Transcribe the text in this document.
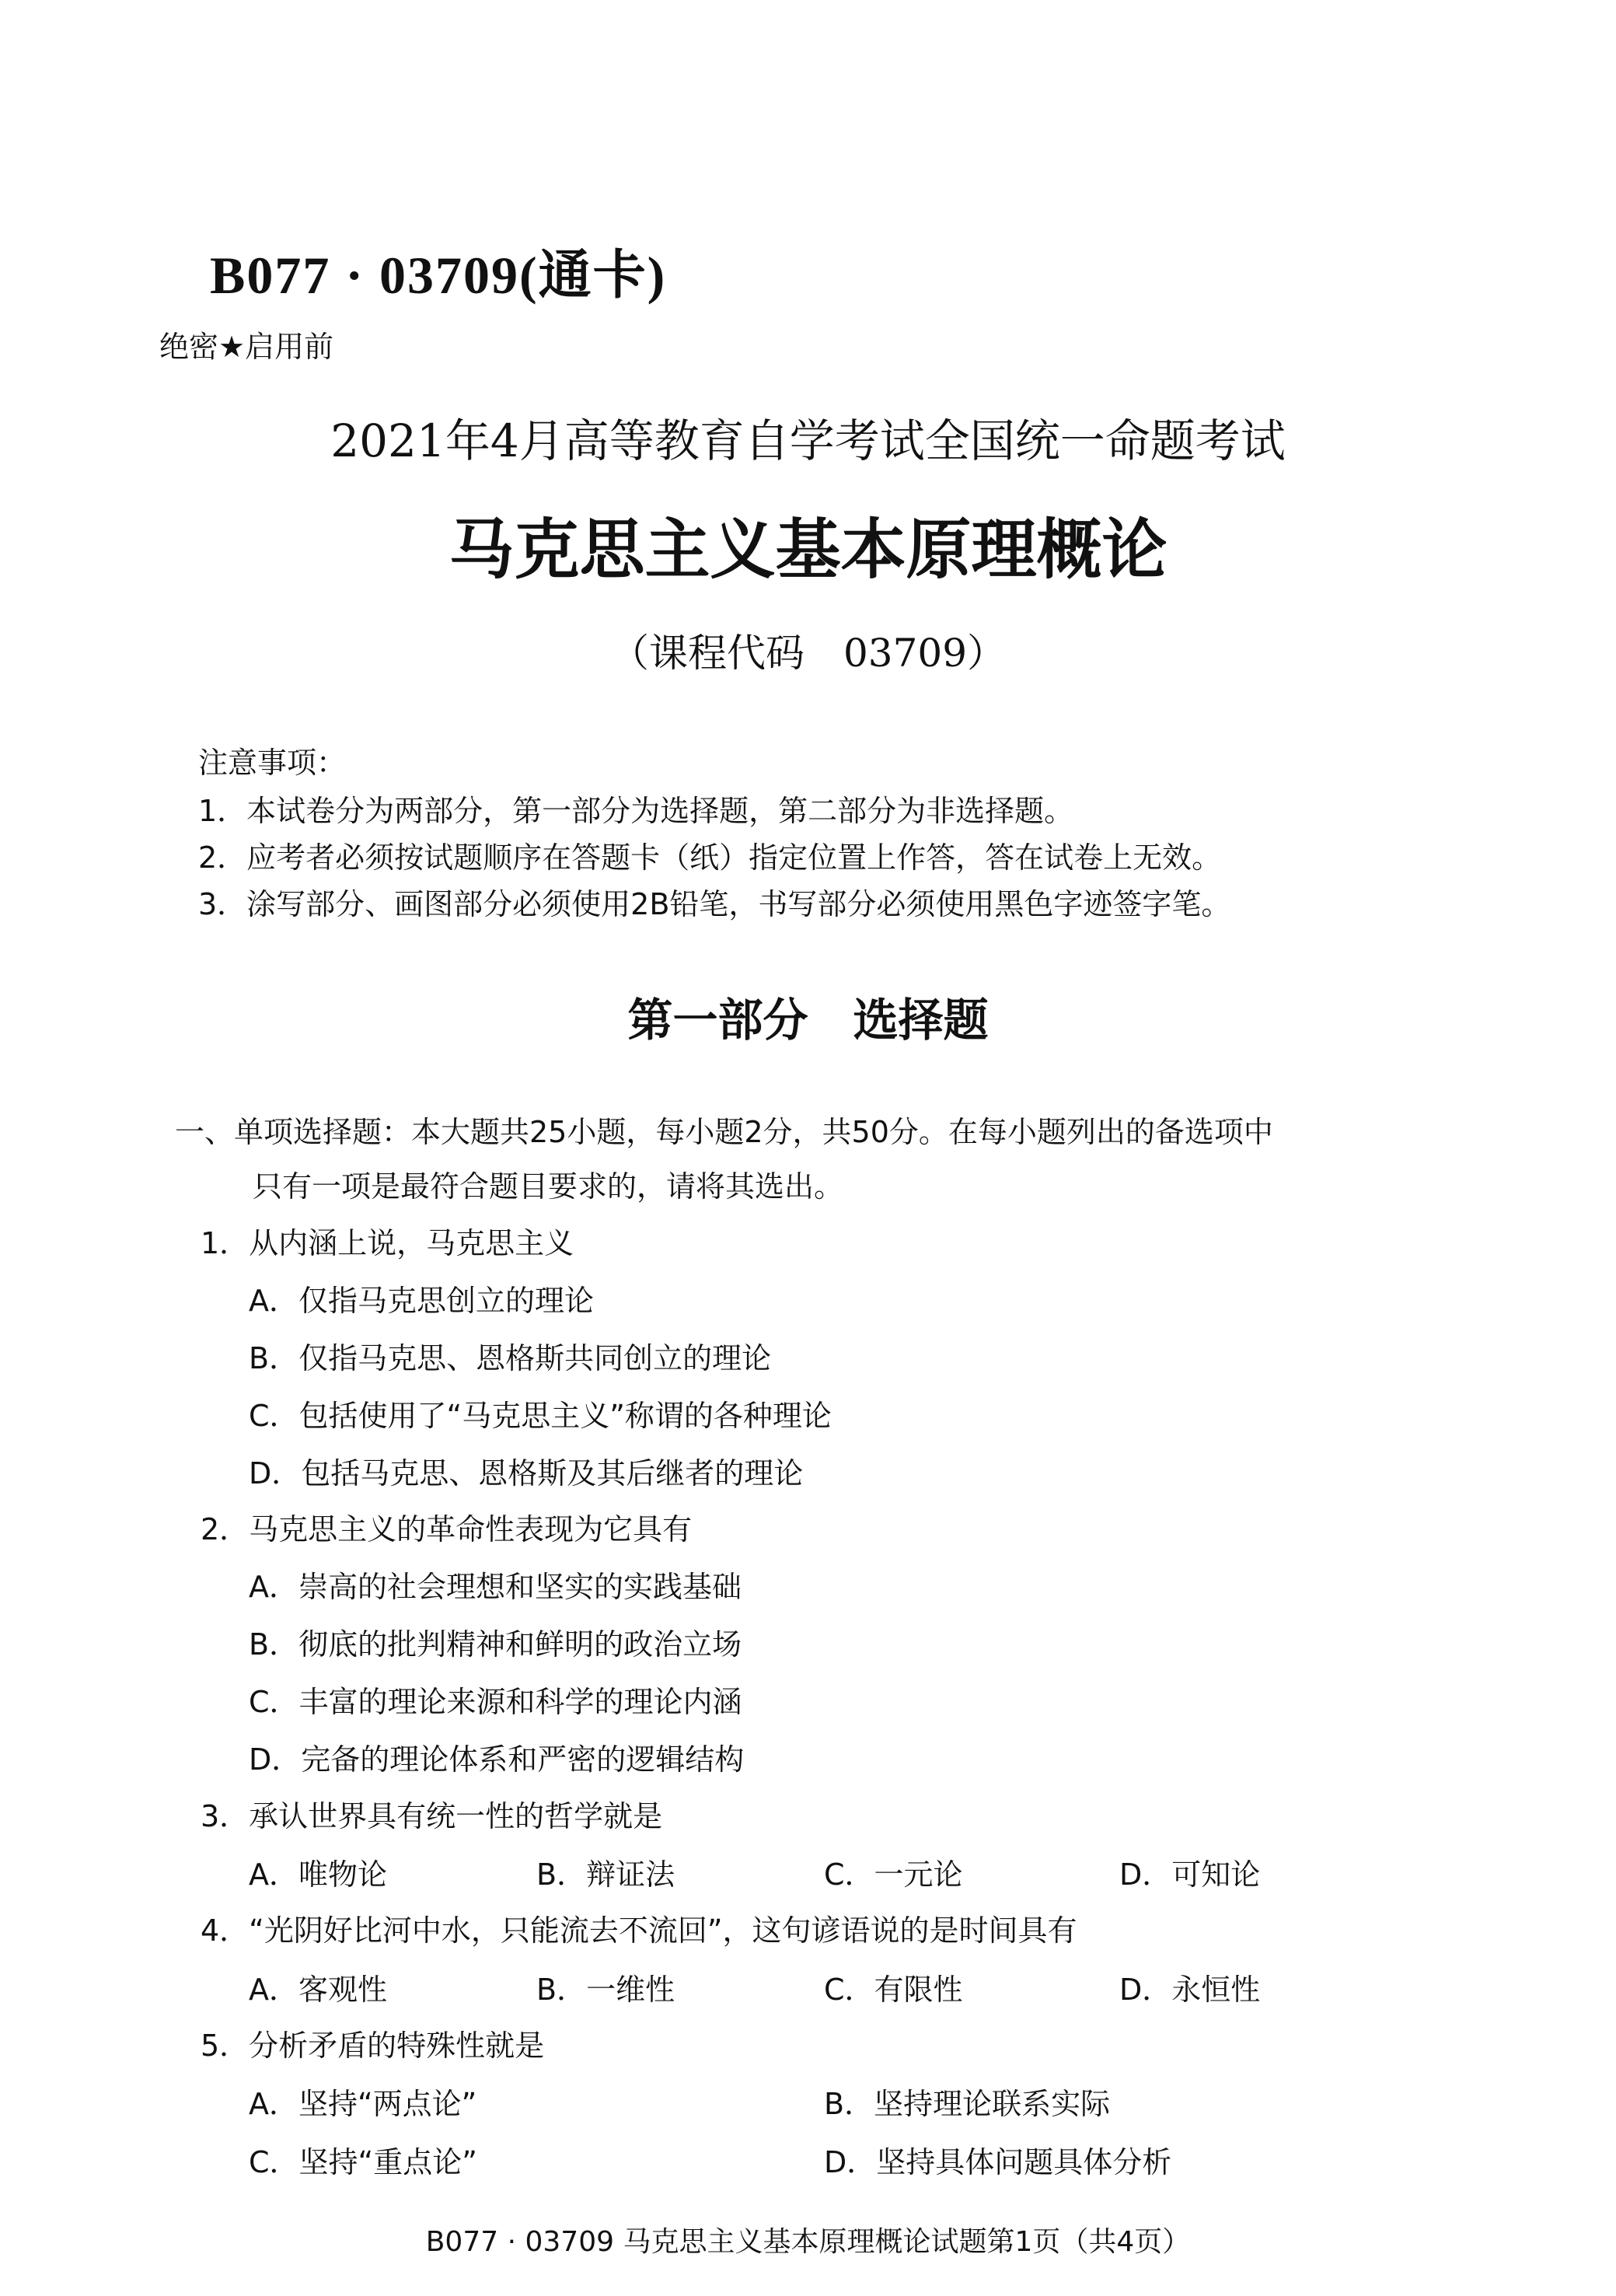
B077 · 03709(通卡)
绝密★启用前
2021年4月高等教育自学考试全国统一命题考试
马克思主义基本原理概论
（课程代码　03709）
注意事项：
1．本试卷分为两部分，第一部分为选择题，第二部分为非选择题。
2．应考者必须按试题顺序在答题卡（纸）指定位置上作答，答在试卷上无效。
3．涂写部分、画图部分必须使用2B铅笔，书写部分必须使用黑色字迹签字笔。
第一部分　选择题
一、单项选择题：本大题共25小题，每小题2分，共50分。在每小题列出的备选项中
只有一项是最符合题目要求的，请将其选出。
1．从内涵上说，马克思主义
A．仅指马克思创立的理论
B．仅指马克思、恩格斯共同创立的理论
C．包括使用了“马克思主义”称谓的各种理论
D．包括马克思、恩格斯及其后继者的理论
2．马克思主义的革命性表现为它具有
A．崇高的社会理想和坚实的实践基础
B．彻底的批判精神和鲜明的政治立场
C．丰富的理论来源和科学的理论内涵
D．完备的理论体系和严密的逻辑结构
3．承认世界具有统一性的哲学就是
A．唯物论	B．辩证法	C．一元论	D．可知论
4．“光阴好比河中水，只能流去不流回”，这句谚语说的是时间具有
A．客观性	B．一维性	C．有限性	D．永恒性
5．分析矛盾的特殊性就是
A．坚持“两点论”	B．坚持理论联系实际
C．坚持“重点论”	D．坚持具体问题具体分析
B077 · 03709 马克思主义基本原理概论试题第1页（共4页）
